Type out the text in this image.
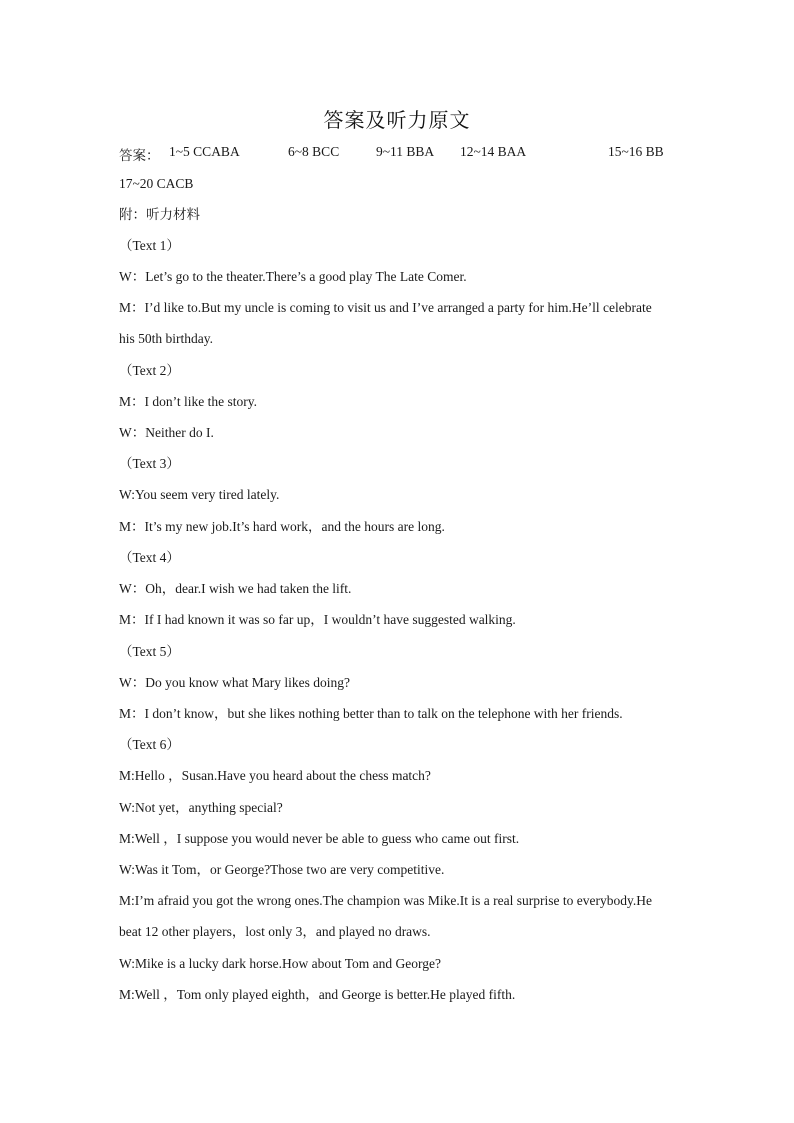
答案及听力原文
答案： 1~5 CCABA	6~8 BCC	9~11 BBA 12~14 BAA	15~16 BB
17~20 CACB
附：听力材料
（Text 1）
W：Let’s go to the theater.There’s a good play The Late Comer.
M：I’d like to.But my uncle is coming to visit us and I’ve arranged a party for him.He’ll celebrate
his 50th birthday.
（Text 2）
M：I don’t like the story.
W：Neither do I.
（Text 3）
W:You seem very tired lately.
M：It’s my new job.It’s hard work，and the hours are long.
（Text 4）
W：Oh，dear.I wish we had taken the lift.
M：If I had known it was so far up，I wouldn’t have suggested walking.
（Text 5）
W：Do you know what Mary likes doing?
M：I don’t know，but she likes nothing better than to talk on the telephone with her friends.
（Text 6）
M:Hello ，Susan.Have you heard about the chess match?
W:Not yet，anything special?
M:Well ，I suppose you would never be able to guess who came out first.
W:Was it Tom，or George?Those two are very competitive.
M:I’m afraid you got the wrong ones.The champion was Mike.It is a real surprise to everybody.He
beat 12 other players，lost only 3，and played no draws.
W:Mike is a lucky dark horse.How about Tom and George?
M:Well ，Tom only played eighth，and George is better.He played fifth.
